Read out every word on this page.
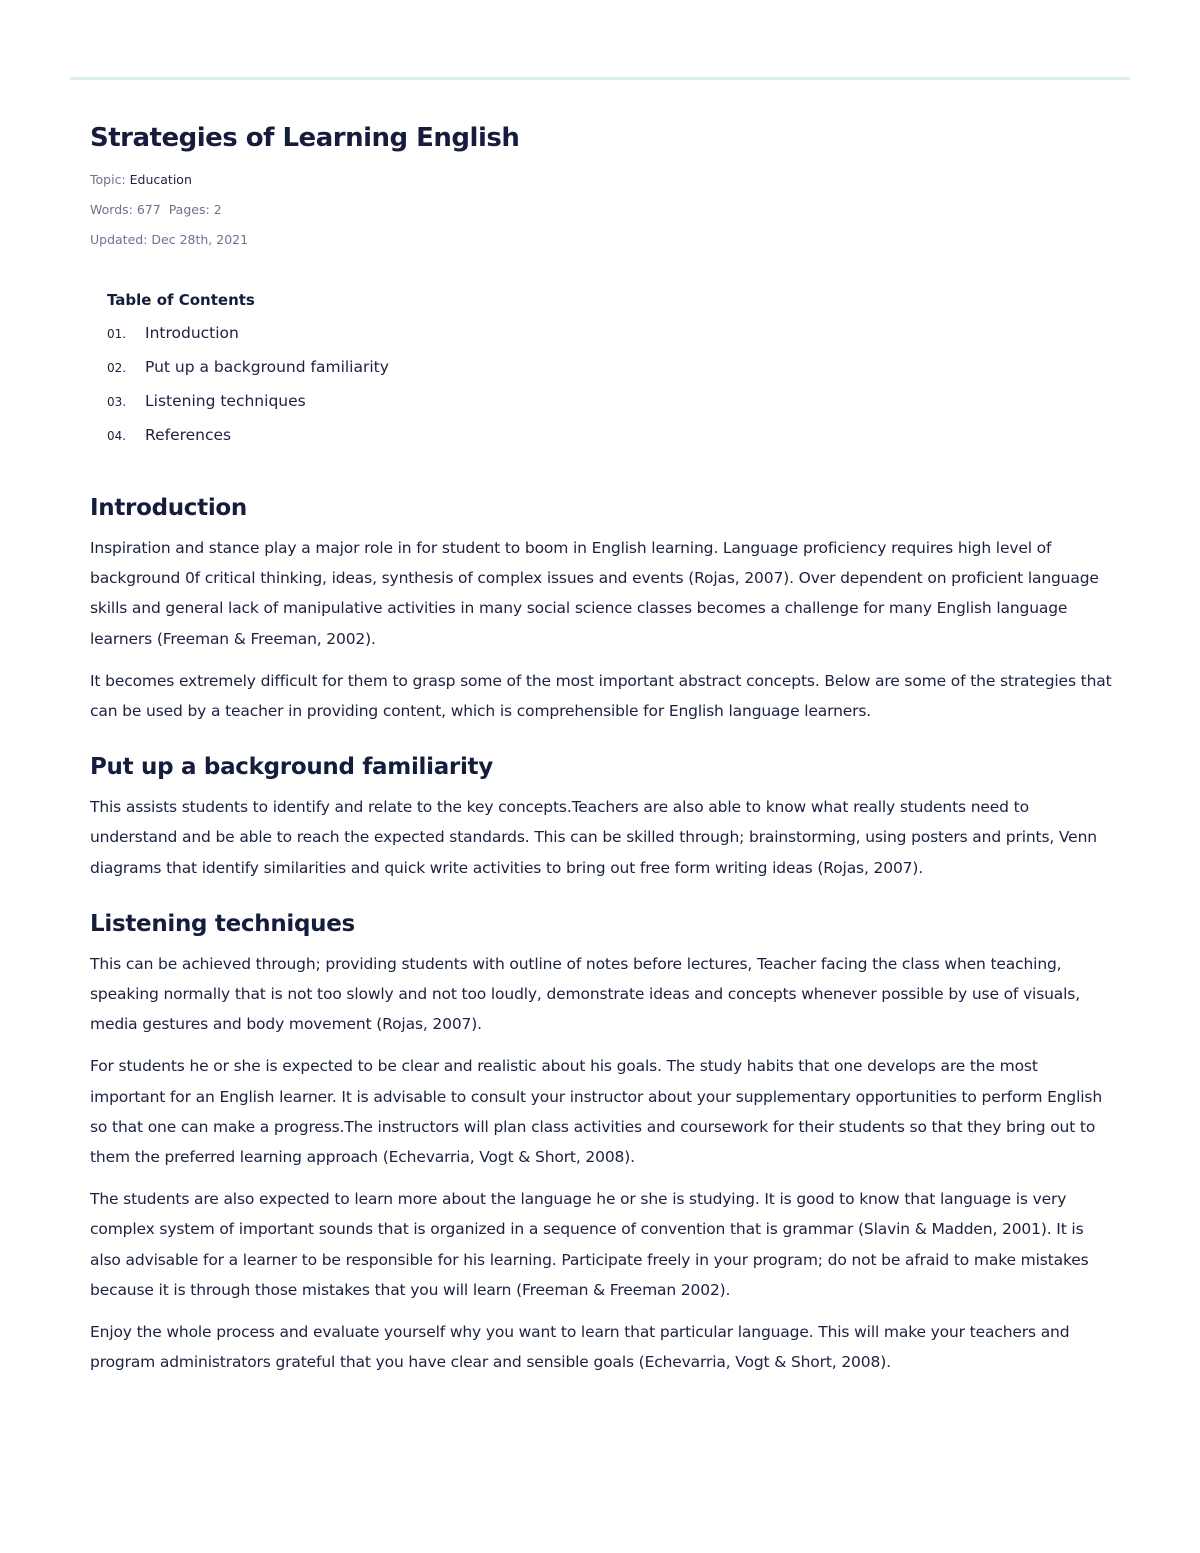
Strategies of Learning English
Topic: Education
Words: 677 Pages: 2
Updated: Dec 28th, 2021
Table of Contents
01.	Introduction
02.	Put up a background familiarity
03.	Listening techniques
04.	References
Introduction

Inspiration and stance play a major role in for student to boom in English learning. Language proficiency requires high level of background 0f critical thinking, ideas, synthesis of complex issues and events (Rojas, 2007). Over dependent on proficient language skills and general lack of manipulative activities in many social science classes becomes a challenge for many English language learners (Freeman & Freeman, 2002).

It becomes extremely difficult for them to grasp some of the most important abstract concepts. Below are some of the strategies that can be used by a teacher in providing content, which is comprehensible for English language learners.

Put up a background familiarity

This assists students to identify and relate to the key concepts.Teachers are also able to know what really students need to understand and be able to reach the expected standards. This can be skilled through; brainstorming, using posters and prints, Venn diagrams that identify similarities and quick write activities to bring out free form writing ideas (Rojas, 2007).

Listening techniques

This can be achieved through; providing students with outline of notes before lectures, Teacher facing the class when teaching, speaking normally that is not too slowly and not too loudly, demonstrate ideas and concepts whenever possible by use of visuals, media gestures and body movement (Rojas, 2007).

For students he or she is expected to be clear and realistic about his goals. The study habits that one develops are the most important for an English learner. It is advisable to consult your instructor about your supplementary opportunities to perform English so that one can make a progress.The instructors will plan class activities and coursework for their students so that they bring out to them the preferred learning approach (Echevarria, Vogt & Short, 2008).

The students are also expected to learn more about the language he or she is studying. It is good to know that language is very complex system of important sounds that is organized in a sequence of convention that is grammar (Slavin & Madden, 2001). It is also advisable for a learner to be responsible for his learning. Participate freely in your program; do not be afraid to make mistakes because it is through those mistakes that you will learn (Freeman & Freeman 2002).

Enjoy the whole process and evaluate yourself why you want to learn that particular language. This will make your teachers and program administrators grateful that you have clear and sensible goals (Echevarria, Vogt & Short, 2008).
